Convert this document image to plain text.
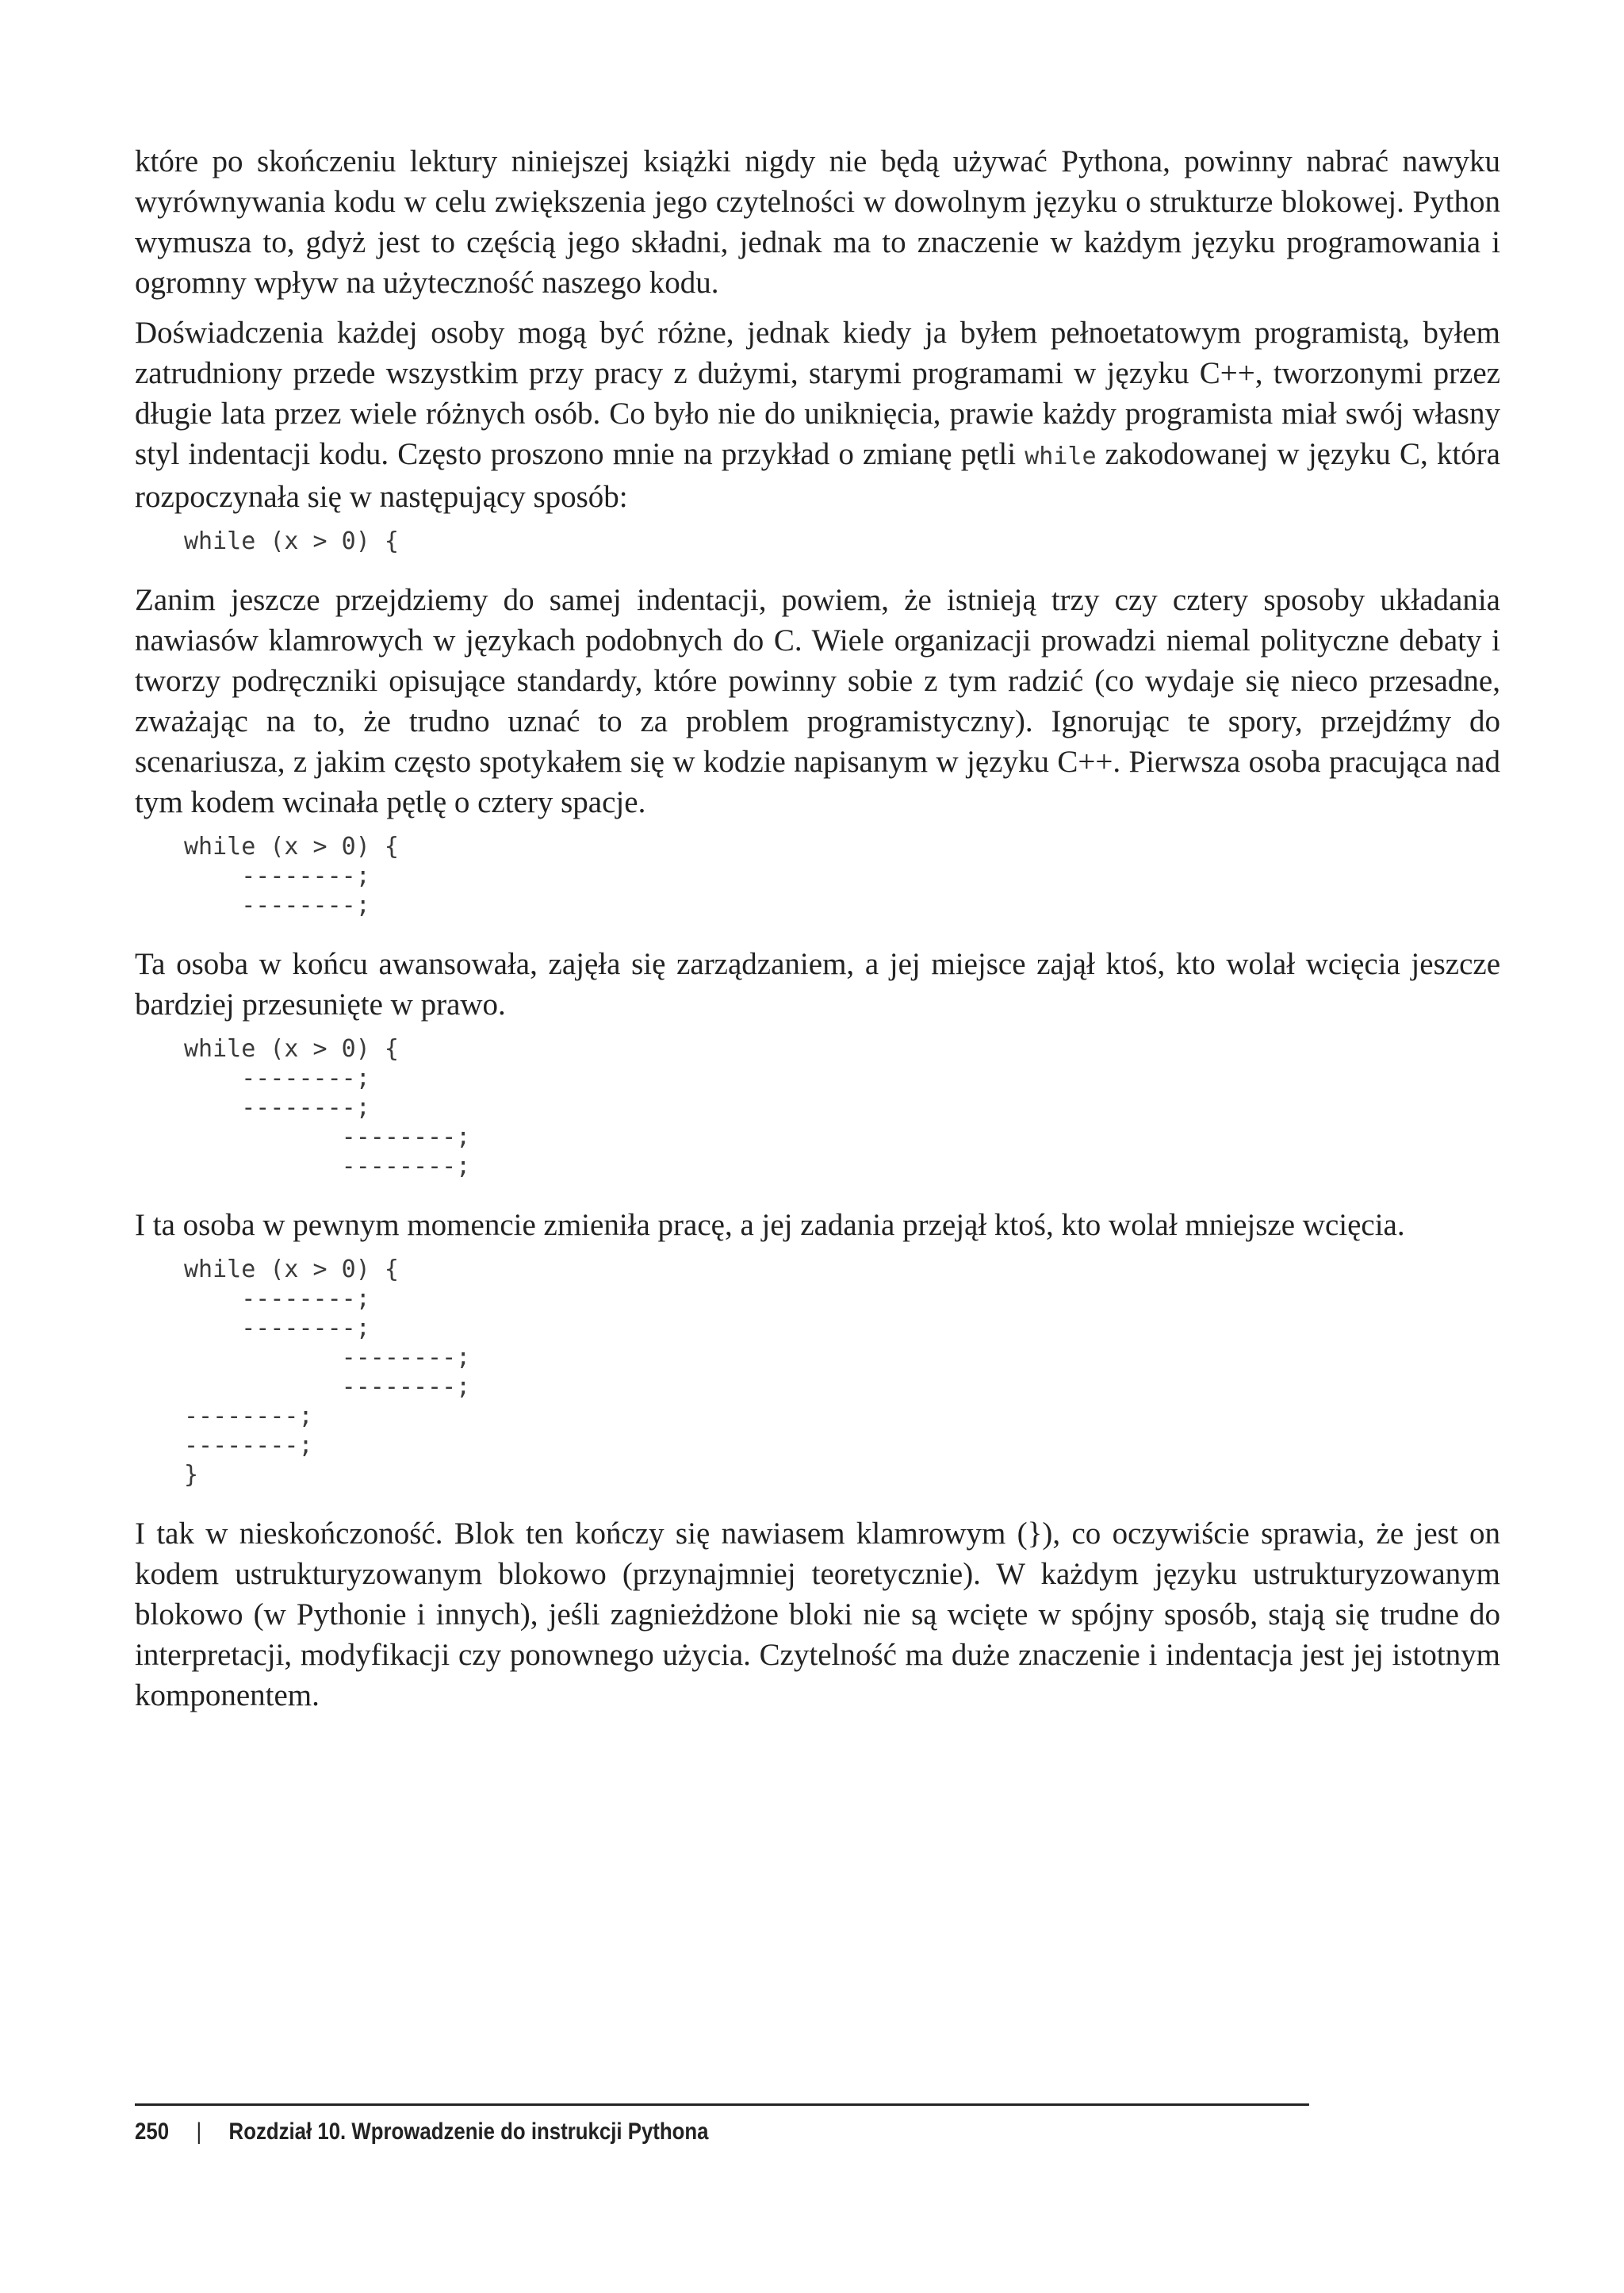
które po skończeniu lektury niniejszej książki nigdy nie będą używać Pythona, powinny nabrać nawyku wyrównywania kodu w celu zwiększenia jego czytelności w dowolnym języku o strukturze blokowej. Python wymusza to, gdyż jest to częścią jego składni, jednak ma to znaczenie w każdym języku programowania i ogromny wpływ na użyteczność naszego kodu.

Doświadczenia każdej osoby mogą być różne, jednak kiedy ja byłem pełnoetatowym programistą, byłem zatrudniony przede wszystkim przy pracy z dużymi, starymi programami w języku C++, tworzonymi przez długie lata przez wiele różnych osób. Co było nie do uniknięcia, prawie każdy programista miał swój własny styl indentacji kodu. Często proszono mnie na przykład o zmianę pętli while zakodowanej w języku C, która rozpoczynała się w następujący sposób:

while (x > 0) {

Zanim jeszcze przejdziemy do samej indentacji, powiem, że istnieją trzy czy cztery sposoby układania nawiasów klamrowych w językach podobnych do C. Wiele organizacji prowadzi niemal polityczne debaty i tworzy podręczniki opisujące standardy, które powinny sobie z tym radzić (co wydaje się nieco przesadne, zważając na to, że trudno uznać to za problem programistyczny). Ignorując te spory, przejdźmy do scenariusza, z jakim często spotykałem się w kodzie napisanym w języku C++. Pierwsza osoba pracująca nad tym kodem wcinała pętlę o cztery spacje.

while (x > 0) {
--------;
--------;

Ta osoba w końcu awansowała, zajęła się zarządzaniem, a jej miejsce zajął ktoś, kto wolał wcięcia jeszcze bardziej przesunięte w prawo.

while (x > 0) {
--------;
--------;
--------;
--------;

I ta osoba w pewnym momencie zmieniła pracę, a jej zadania przejął ktoś, kto wolał mniejsze wcięcia.

while (x > 0) {
--------;
--------;
--------;
--------;
--------;
--------;
}

I tak w nieskończoność. Blok ten kończy się nawiasem klamrowym (}), co oczywiście sprawia, że jest on kodem ustrukturyzowanym blokowo (przynajmniej teoretycznie). W każdym języku ustrukturyzowanym blokowo (w Pythonie i innych), jeśli zagnieżdżone bloki nie są wcięte w spójny sposób, stają się trudne do interpretacji, modyfikacji czy ponownego użycia. Czytelność ma duże znaczenie i indentacja jest jej istotnym komponentem.

250 | Rozdział 10. Wprowadzenie do instrukcji Pythona
